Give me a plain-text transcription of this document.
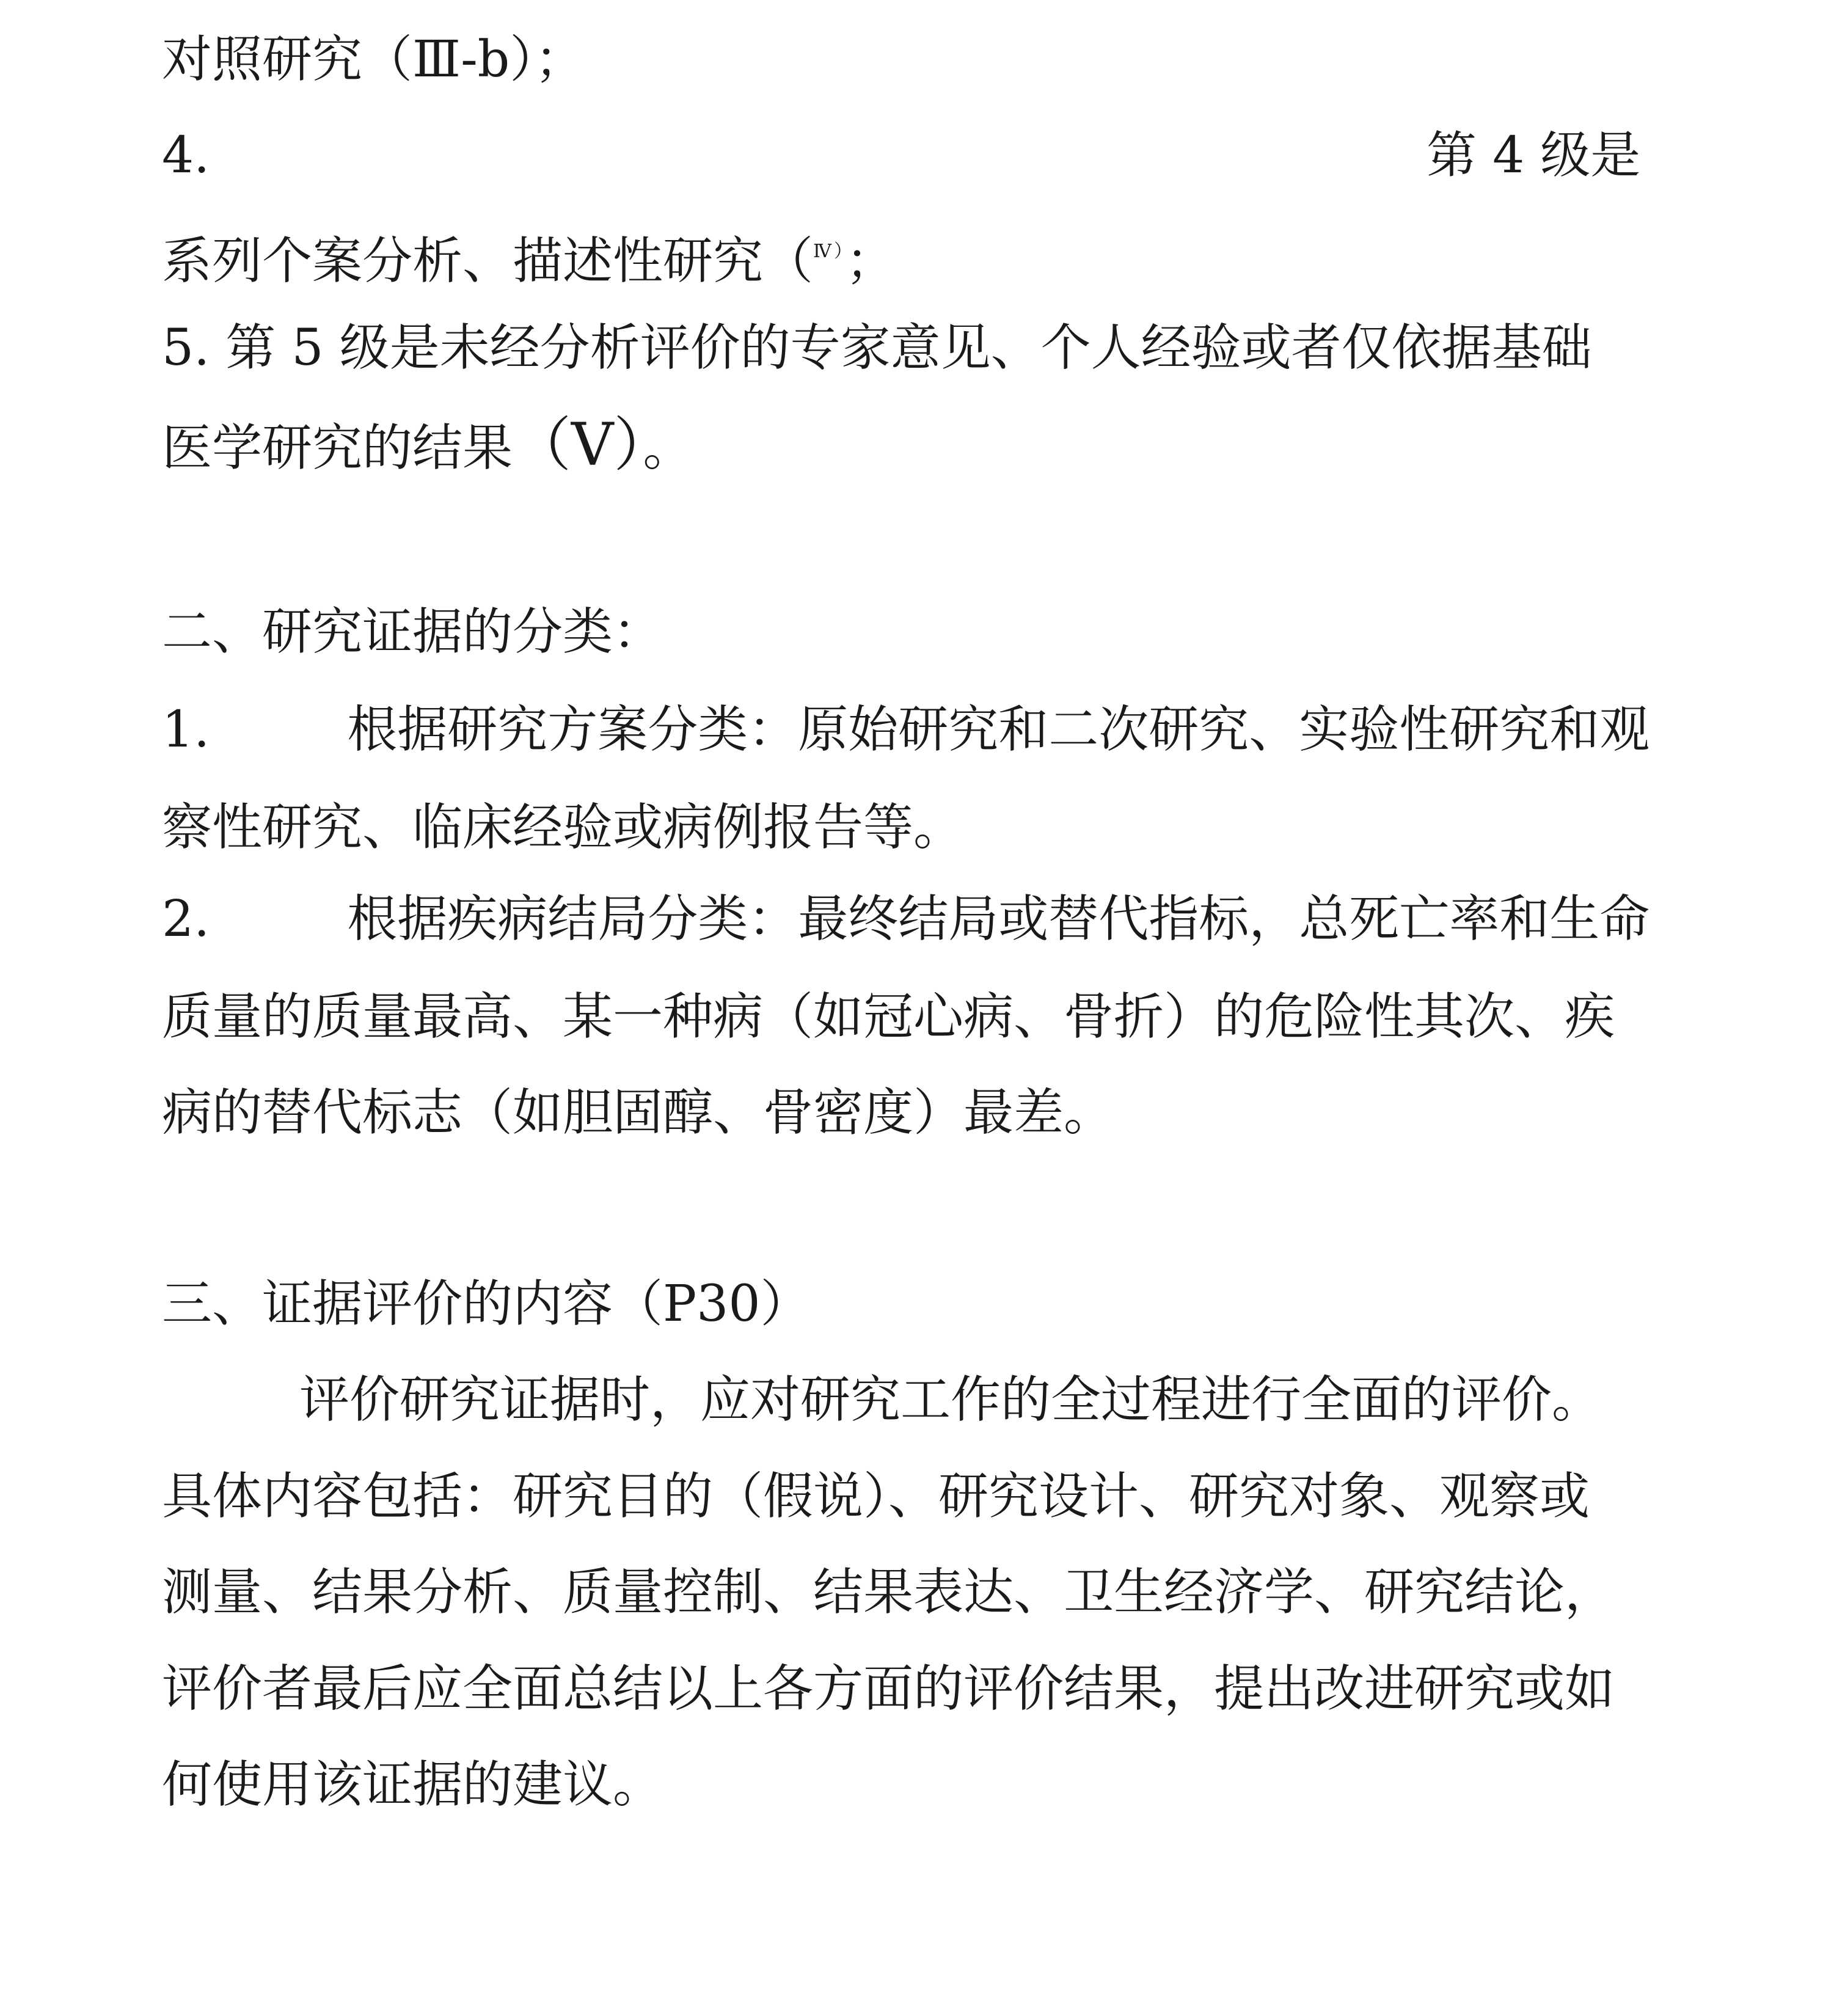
对照研究（Ⅲ-b）；
4.	第 4 级是
系列个案分析、描述性研究（$^{Ⅳ)}$；
5. 第 5 级是未经分析评价的专家意见、个人经验或者仅依据基础
医学研究的结果（Ⅴ）。
二、研究证据的分类：
1.	根据研究方案分类：原始研究和二次研究、实验性研究和观
察性研究、临床经验或病例报告等。
2.	根据疾病结局分类：最终结局或替代指标，总死亡率和生命
质量的质量最高、某一种病（如冠心病、骨折）的危险性其次、疾
病的替代标志（如胆固醇、骨密度）最差。
三、证据评价的内容（P30）
评价研究证据时，应对研究工作的全过程进行全面的评价。
具体内容包括：研究目的（假说）、研究设计、研究对象、观察或
测量、结果分析、质量控制、结果表达、卫生经济学、研究结论，
评价者最后应全面总结以上各方面的评价结果，提出改进研究或如
何使用该证据的建议。
